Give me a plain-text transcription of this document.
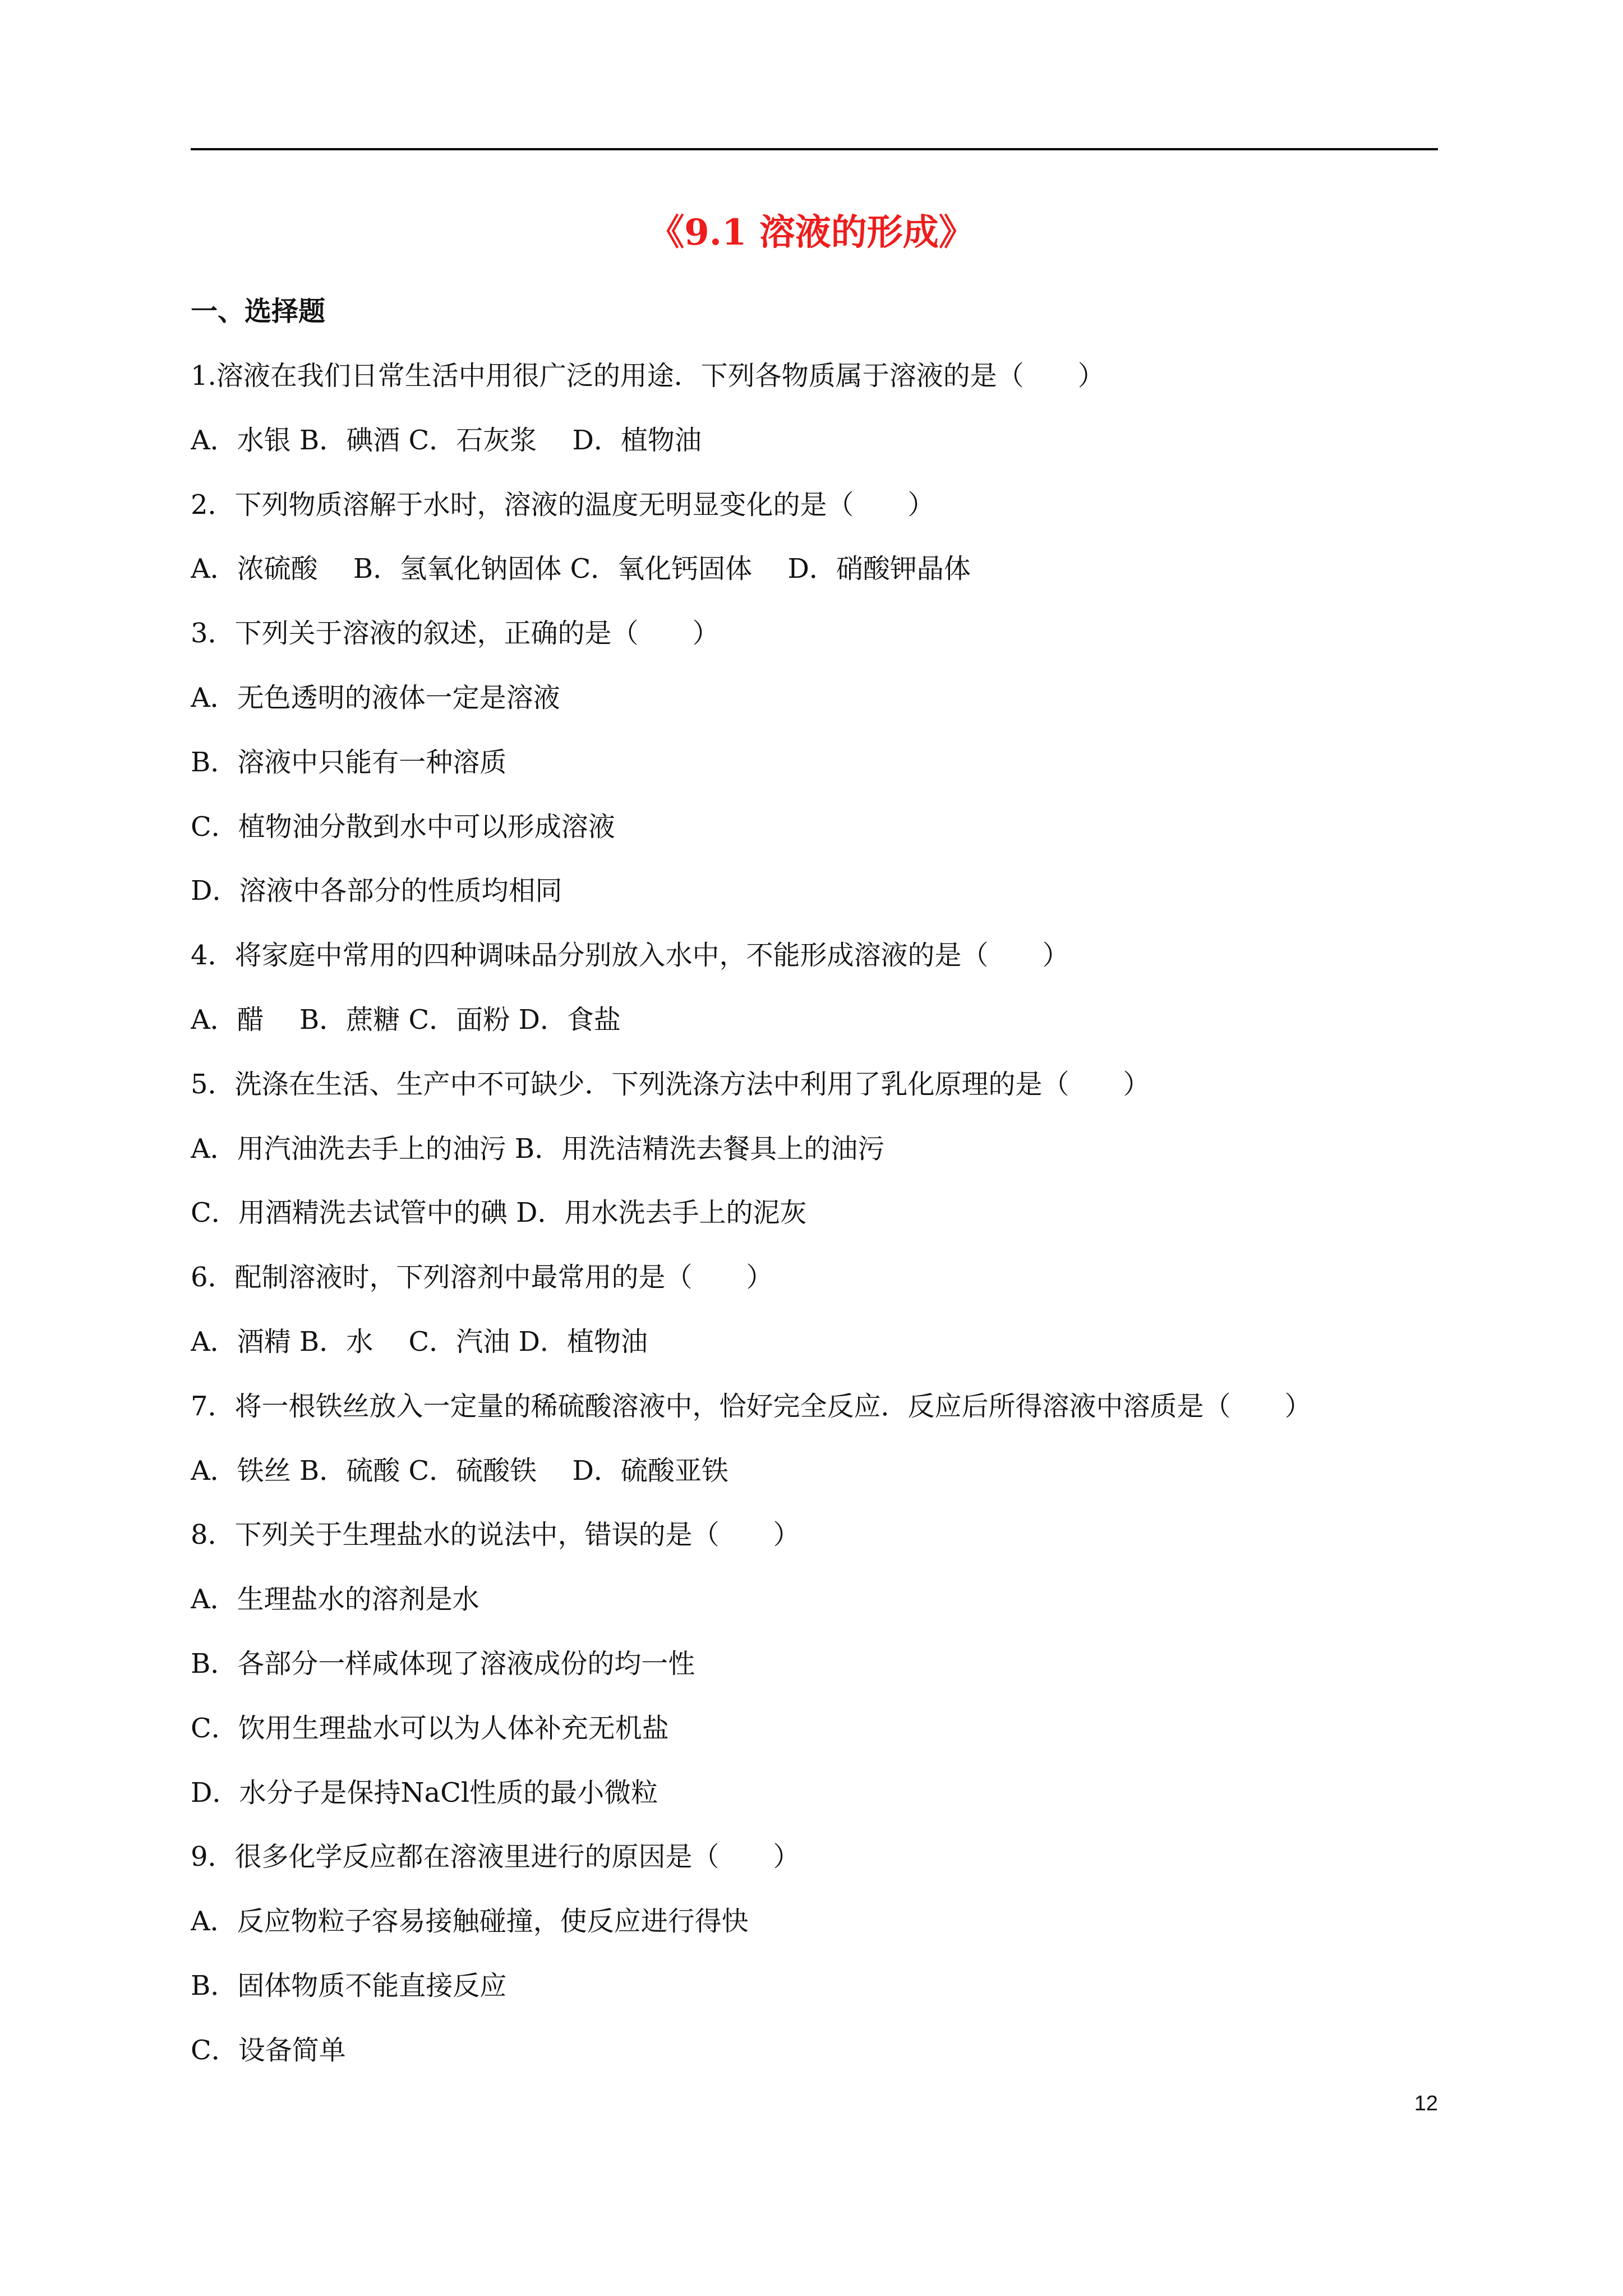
《9.1 溶液的形成》
一、选择题
1.溶液在我们日常生活中用很广泛的用途．下列各物质属于溶液的是（　　）
A．水银 B．碘酒 C．石灰浆　 D．植物油
2．下列物质溶解于水时，溶液的温度无明显变化的是（　　）
A．浓硫酸　 B．氢氧化钠固体 C．氧化钙固体　 D．硝酸钾晶体
3．下列关于溶液的叙述，正确的是（　　）
A．无色透明的液体一定是溶液
B．溶液中只能有一种溶质
C．植物油分散到水中可以形成溶液
D．溶液中各部分的性质均相同
4．将家庭中常用的四种调味品分别放入水中，不能形成溶液的是（　　）
A．醋　 B．蔗糖 C．面粉 D．食盐
5．洗涤在生活、生产中不可缺少．下列洗涤方法中利用了乳化原理的是（　　）
A．用汽油洗去手上的油污 B．用洗洁精洗去餐具上的油污
C．用酒精洗去试管中的碘 D．用水洗去手上的泥灰
6．配制溶液时，下列溶剂中最常用的是（　　）
A．酒精 B．水　 C．汽油 D．植物油
7．将一根铁丝放入一定量的稀硫酸溶液中，恰好完全反应．反应后所得溶液中溶质是（　　）
A．铁丝 B．硫酸 C．硫酸铁　 D．硫酸亚铁
8．下列关于生理盐水的说法中，错误的是（　　）
A．生理盐水的溶剂是水
B．各部分一样咸体现了溶液成份的均一性
C．饮用生理盐水可以为人体补充无机盐
D．水分子是保持NaCl性质的最小微粒
9．很多化学反应都在溶液里进行的原因是（　　）
A．反应物粒子容易接触碰撞，使反应进行得快
B．固体物质不能直接反应
C．设备简单
12
